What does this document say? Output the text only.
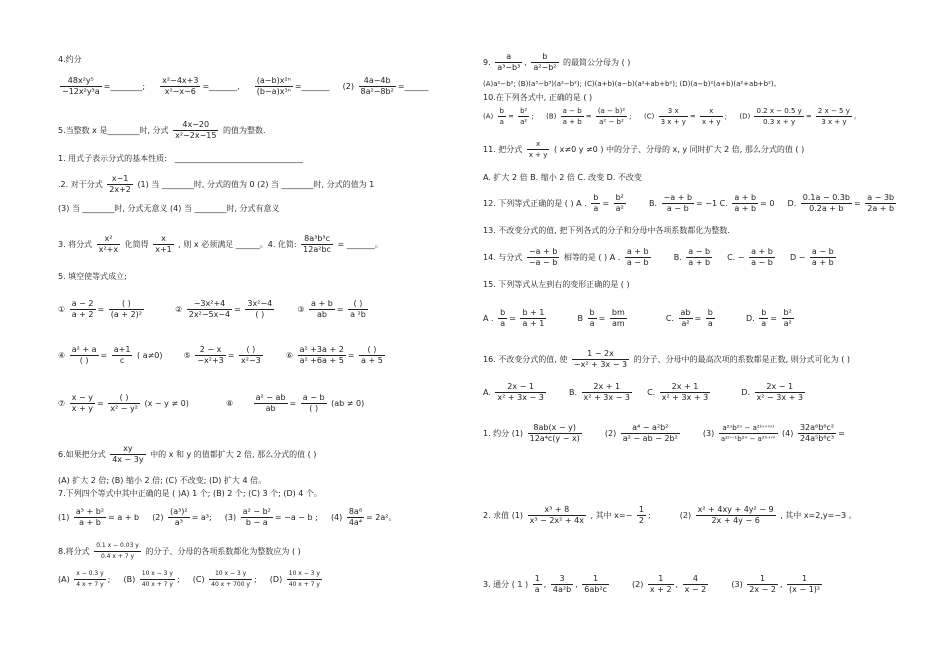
4.约分
$\frac{\text{48x²y⁵}}{\text{−12x²y³a}}$ =________; $\frac{\text{x²−4x+3}}{\text{x²−x−6}}$ =_______, $\frac{\text{(a−b)x²ⁿ}}{\text{(b−a)x³ⁿ}}$ =_______ $(2) \frac{4a-4b}{\text{8a²−8b²}}$ =______
5.当整数 x 是________时, 分式 $\frac{4x-20}{\text{x²−2x−15}}$ 的值为整数.
1. 用式子表示分式的基本性质: ________________________________
.2. 对于分式 $\frac{x-1}{2x+2} (1)$ 当 ________时, 分式的值为 0 (2) 当 ________时, 分式的值为 1
(3) 当 ________时, 分式无意义 (4) 当 ________时, 分式有意义
3. 将分式 $\frac{\text{x²}}{\text{x²+x}}$ 化简得 $\frac{x}{x+1}$ , 则 x 必须满足 ______。4. 化简: $\frac{\text{8a³b³c}}{\text{12a²bc}}$ = _______。
5. 填空使等式成立;
① $\frac{a - 2}{a + 2} = \frac{( )}{\text{(a + 2)²}}$	② $\frac{\text{−3x²+4}}{\text{2x²−5x−4}} = \frac{\text{3x²−4}}{( )}$	③ $\frac{a + b}{ab} = \frac{( )}{\text{a ²b}}$
④ $\frac{\text{a² + a}}{( )} = \frac{a+1}{c}$ ( a≠0)	⑤ $\frac{2 - x}{\text{−x²+3}} = \frac{( )}{\text{x²−3}}$	⑥ $\frac{\text{a² +3a + 2}}{\text{a² +6a + 5}} = \frac{( )}{a + 5}$
⑦ $\frac{x - y}{x + y} = \frac{( )}{\text{x² − y²}} (x - y \ne 0)$	⑧	$\frac{\text{a² − ab}}{ab} = \frac{a - b}{( )} (ab \ne 0)$
6.如果把分式 $\frac{xy}{4x - 3y}$ 中的 x 和 y 的值都扩大 2 倍, 那么分式的值 ( )
(A) 扩大 2 倍; (B) 缩小 2 倍; (C) 不改变; (D) 扩大 4 倍。
7.下列四个等式中其中正确的是 ( )A) 1 个; (B) 2 个; (C) 3 个; (D) 4 个。
$(1) \frac{\text{a³ + b²}}{a + b} = a + b$ $(2) \frac{\text{(a³)²}}{\text{a³}} = a^3$; $(3) \frac{\text{a² − b²}}{b - a} = -a - b$ ; $(4) \frac{\text{8a⁸}}{\text{4a⁴}} = 2a^2$。
8.将分式 $\frac{0.1 x - 0.03 y}{0.4 x + 7 y}$ 的分子、分母的各项系数都化为整数应为 ( )
$(A) \frac{x - 0.3 y}{4 x + 7 y}$ ; $(B) \frac{10 x - 3 y}{40 x + 7 y}$ ; $(C) \frac{10 x - 3 y}{40 x + 700 y}$ ; $(D) \frac{10 x - 3 y}{40 x + 7 y}$
9. $\frac{a}{\text{a³−b³}}$ , $\frac{b}{\text{a²−b²}}$ 的最简公分母为 ( )
(A)a²−b²; (B)(a³−b³)(a²−b²); (C)(a+b)(a−b)(a²+ab+b²); (D)(a−b)²(a+b)(a²+ab+b²)。
10.在下列各式中, 正确的是 ( )
$(A) \frac{b}{a} = \frac{\text{b²}}{\text{a²}}$ ; $(B) \frac{a - b}{a + b} = \frac{\text{(a − b)²}}{\text{a² − b²}}$ ; $(C) \frac{3 x}{3 x + y} = \frac{x}{x + y}$ ; $(D) \frac{0.2 x - 0.5 y}{0.3 x + y} = \frac{2 x - 5 y}{3 x + y}$ 。
11. 把分式 $\frac{x}{x + y}$ ( x≠0 y ≠0 ) 中的分子、分母的 x, y 同时扩大 2 倍, 那么分式的值 ( )
A. 扩大 2 倍 B. 缩小 2 倍 C. 改变 D. 不改变
12. 下列等式正确的是 ( ) A . $\frac{b}{a} = \frac{\text{b²}}{\text{a²}}$	B. $\frac{-a + b}{a - b} = -1$ C. $\frac{a + b}{a + b} = 0$ D. $\frac{0.1a - 0.3b}{0.2a + b} = \frac{a - 3b}{2a + b}$
13. 不改变分式的值, 把下列各式的分子和分母中各项系数都化为整数.
14. 与分式 $\frac{-a + b}{-a - b}$ 相等的是 ( ) A . $\frac{a + b}{a - b}$	B. $\frac{a - b}{a + b} C$. − $\frac{a + b}{a - b}$ $D - \frac{a - b}{a + b}$
15. 下列等式从左到右的变形正确的是 ( )
A . $\frac{b}{a} = \frac{b + 1}{a + 1}$	B $\frac{b}{a} = \frac{bm}{am}$	C. $\frac{ab}{\text{a²}} = \frac{b}{a}$	D. $\frac{b}{a} = \frac{\text{b²}}{\text{a²}}$
16. 不改变分式的值, 使 $\frac{1 - 2x}{\text{−x² + 3x − 3}}$ 的分子、分母中的最高次项的系数都是正数, 则分式可化为 ( )
A. $\frac{2x - 1}{\text{x² + 3x − 3}}$	B. $\frac{2x + 1}{\text{x² + 3x − 3}} C$. $\frac{2x + 1}{\text{x² + 3x + 3}}$	D. $\frac{2x - 1}{\text{x² − 3x + 3}}$
1. 约分 $(1) \frac{8ab(x - y)}{\text{12a⁴c(y − x)}}$	$(2) \frac{\text{a⁴ − a²b²}}{\text{a² − ab − 2b²}}$	$(3) \frac{\text{a²ⁿb²ⁿ − a²⁽ⁿ⁺ᵐ⁾}}{\text{a²ⁿ⁻¹b²ⁿ − a²ⁿ⁺ᵐ}} (4) \frac{\text{32a⁶b⁶c²}}{\text{24a⁵b⁸c³}}$ =
2. 求值 $(1) \frac{\text{x³ + 8}}{\text{x³ − 2x² + 4x}}$ , 其中 $x=- \frac{1}{2}$ ;	$(2) \frac{\text{x² + 4xy + 4y² − 9}}{2x + 4y - 6}$ , 其中 x=2,y=−3 。
3. 通分 ( 1 ) $\frac{1}{a}$ , $\frac{3}{\text{4a²b}}$ , $\frac{1}{\text{6ab²c}}$	$(2) \frac{1}{x + 2}$ , $\frac{4}{x - 2}$	$(3) \frac{1}{2x - 2}$ , $\frac{1}{\text{(x − 1)²}}$
